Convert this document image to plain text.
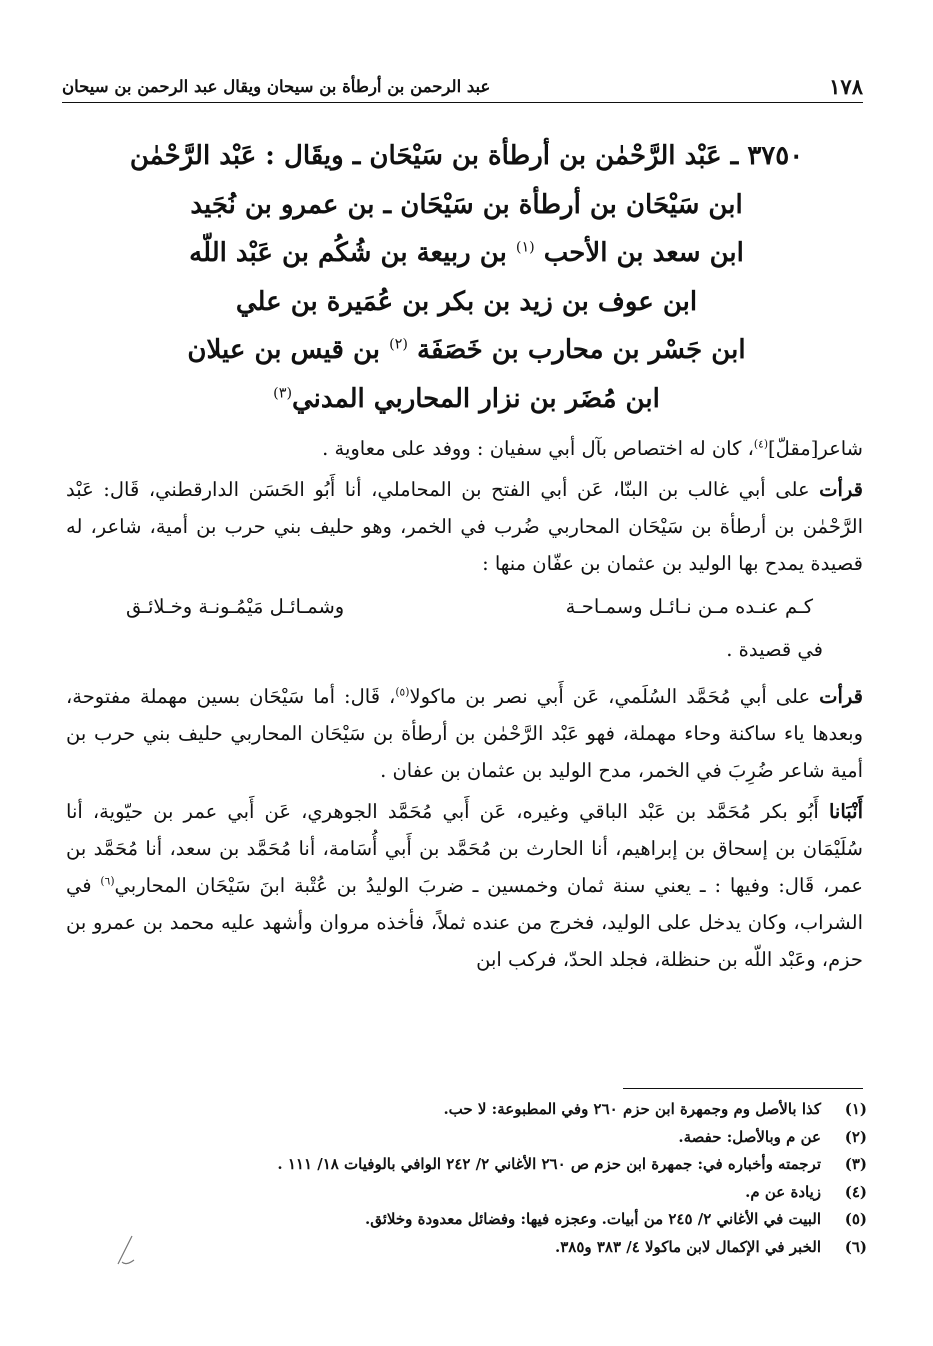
١٧٨
عبد الرحمن بن أرطأة بن سيحان ويقال عبد الرحمن بن سيحان
٣٧٥٠ ـ عَبْد الرَّحْمٰن بن أرطأة بن سَيْحَان ـ ويقَال : عَبْد الرَّحْمٰن
ابن سَيْحَان بن أرطأة بن سَيْحَان ـ بن عمرو بن نُجَيد
ابن سعد بن الأحب $^{(١)}$ بن ربيعة بن شُكُم بن عَبْد اللّه
ابن عوف بن زيد بن بكر بن عُمَيرة بن علي
ابن جَسْر بن محارب بن خَصَفَة $^{(٢)}$ بن قيس بن عيلان
ابن مُضَر بن نزار المحاربي المدني$^{(٣)}$

شاعر[مقلّ]$^{(٤)}$، كان له اختصاص بآل أبي سفيان : ووفد على معاوية .

قرأت على أبي غالب بن البنّا، عَن أبي الفتح بن المحاملي، أنا أَبُو الحَسَن الدارقطني، قَال: عَبْد الرَّحْمٰن بن أرطأة بن سَيْحَان المحاربي ضُرب في الخمر، وهو حليف بني حرب بن أمية، شاعر، له قصيدة يمدح بها الوليد بن عثمان بن عفّان منها :

كـم عنـده مـن نـائـل وسمـاحـة
وشمـائـل مَيْمُـونـة وخـلائـق
في قصيدة .

قرأت على أبي مُحَمَّد السُلَمي، عَن أَبي نصر بن ماكولا$^{(٥)}$، قَال: أما سَيْحَان بسين مهملة مفتوحة، وبعدها ياء ساكنة وحاء مهملة، فهو عَبْد الرَّحْمٰن بن أرطأة بن سَيْحَان المحاربي حليف بني حرب بن أمية شاعر ضُرِبَ في الخمر، مدح الوليد بن عثمان بن عفان .

أَنْبَانا أَبُو بكر مُحَمَّد بن عَبْد الباقي وغيره، عَن أَبي مُحَمَّد الجوهري، عَن أَبي عمر بن حيّوية، أنا سُلَيْمَان بن إسحاق بن إبراهيم، أنا الحارث بن مُحَمَّد بن أَبي أُسَامة، أنا مُحَمَّد بن سعد، أنا مُحَمَّد بن عمر، قَال: وفيها : ـ يعني سنة ثمان وخمسين ـ ضربَ الوليدُ بن عُتْبة ابنَ سَيْحَان المحاربي$^{(٦)}$ في الشراب، وكان يدخل على الوليد، فخرج من عنده ثملاً، فأخذه مروان وأشهد عليه محمد بن عمرو بن حزم، وعَبْد اللّه بن حنظلة، فجلد الحدّ، فركب ابن

(١)
كذا بالأصل وم وجمهرة ابن حزم ٢٦٠ وفي المطبوعة: لا حب.
(٢)
عن م وبالأصل: حفصة.
(٣)
ترجمته وأخباره في: جمهرة ابن حزم ص ٢٦٠ الأغاني ٢/ ٢٤٢ الوافي بالوفيات ١٨/ ١١١ .
(٤)
زيادة عن م.
(٥)
البيت في الأغاني ٢/ ٢٤٥ من أبيات. وعجزه فيها: وفضائل معدودة وخلائق.
(٦)
الخبر في الإكمال لابن ماكولا ٤/ ٣٨٣ و٣٨٥.
